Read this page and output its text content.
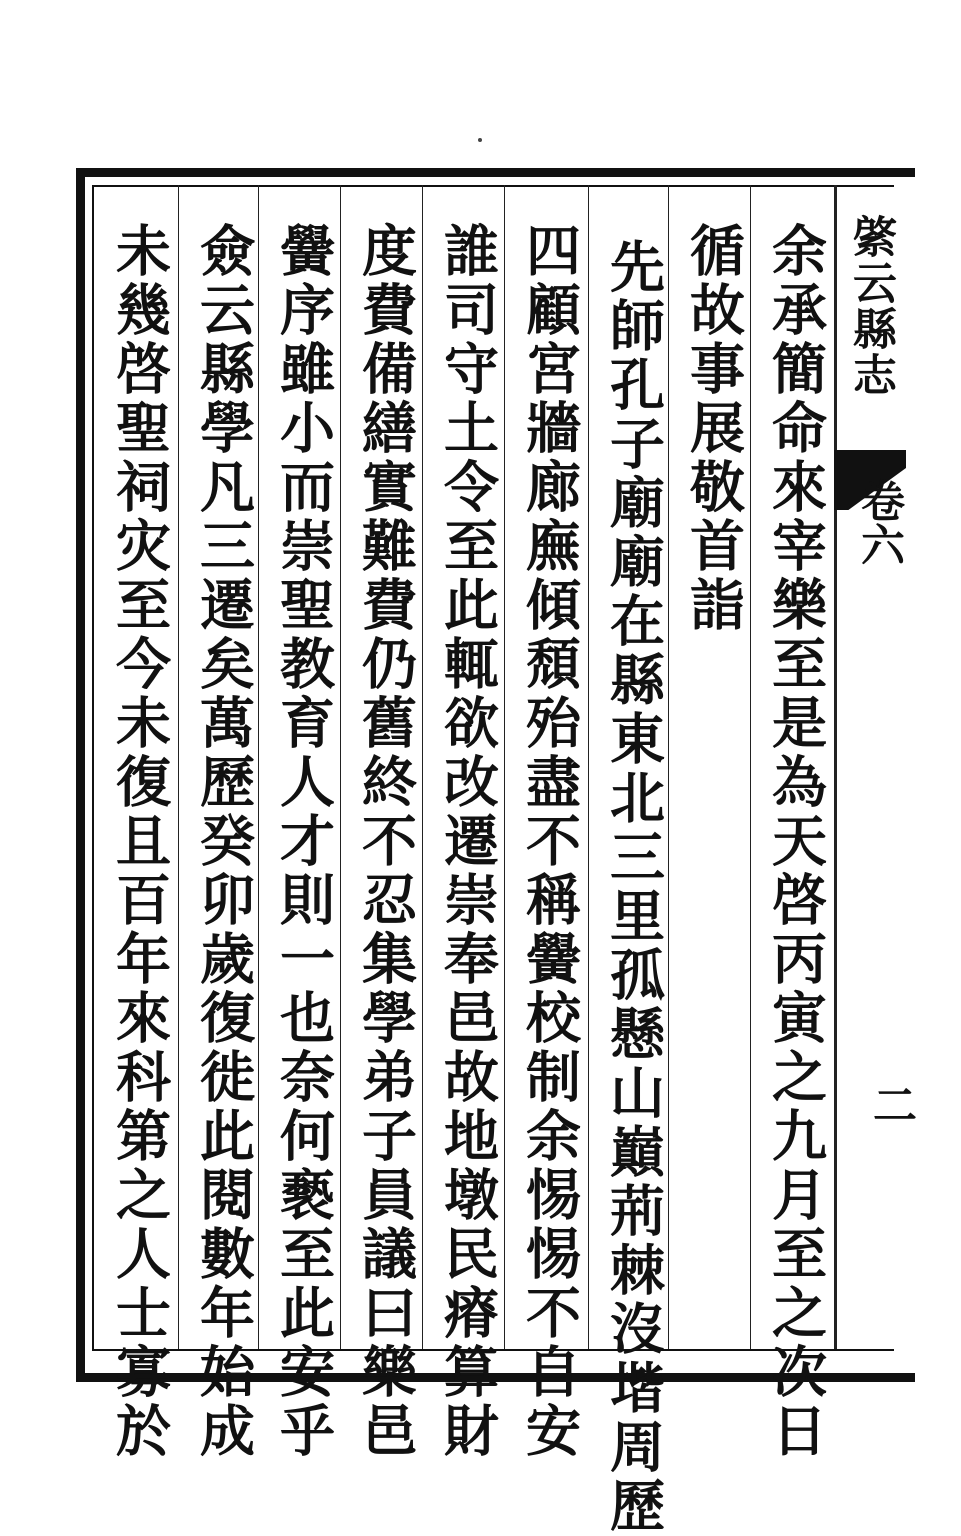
余承簡命來宰樂至是為天啓丙寅之九月至之次日
循故事展敬首詣
先師孔子廟廟在縣東北三里孤懸山巔荊棘沒堦周歷
四顧宮牆廊廡傾頹殆盡不稱黌校制余惕惕不自安
誰司守土令至此輒欲改遷崇奉邑故地墩民瘠算財
度費備繕實難費仍舊終不忍集學弟子員議曰樂邑
黌序雖小而崇聖教育人才則一也奈何褻至此安乎
僉云縣學凡三遷矣萬歷癸卯歲復徙此閱數年始成
未幾啓聖祠灾至今未復且百年來科第之人士寡於	綮云縣志
卷六
二
